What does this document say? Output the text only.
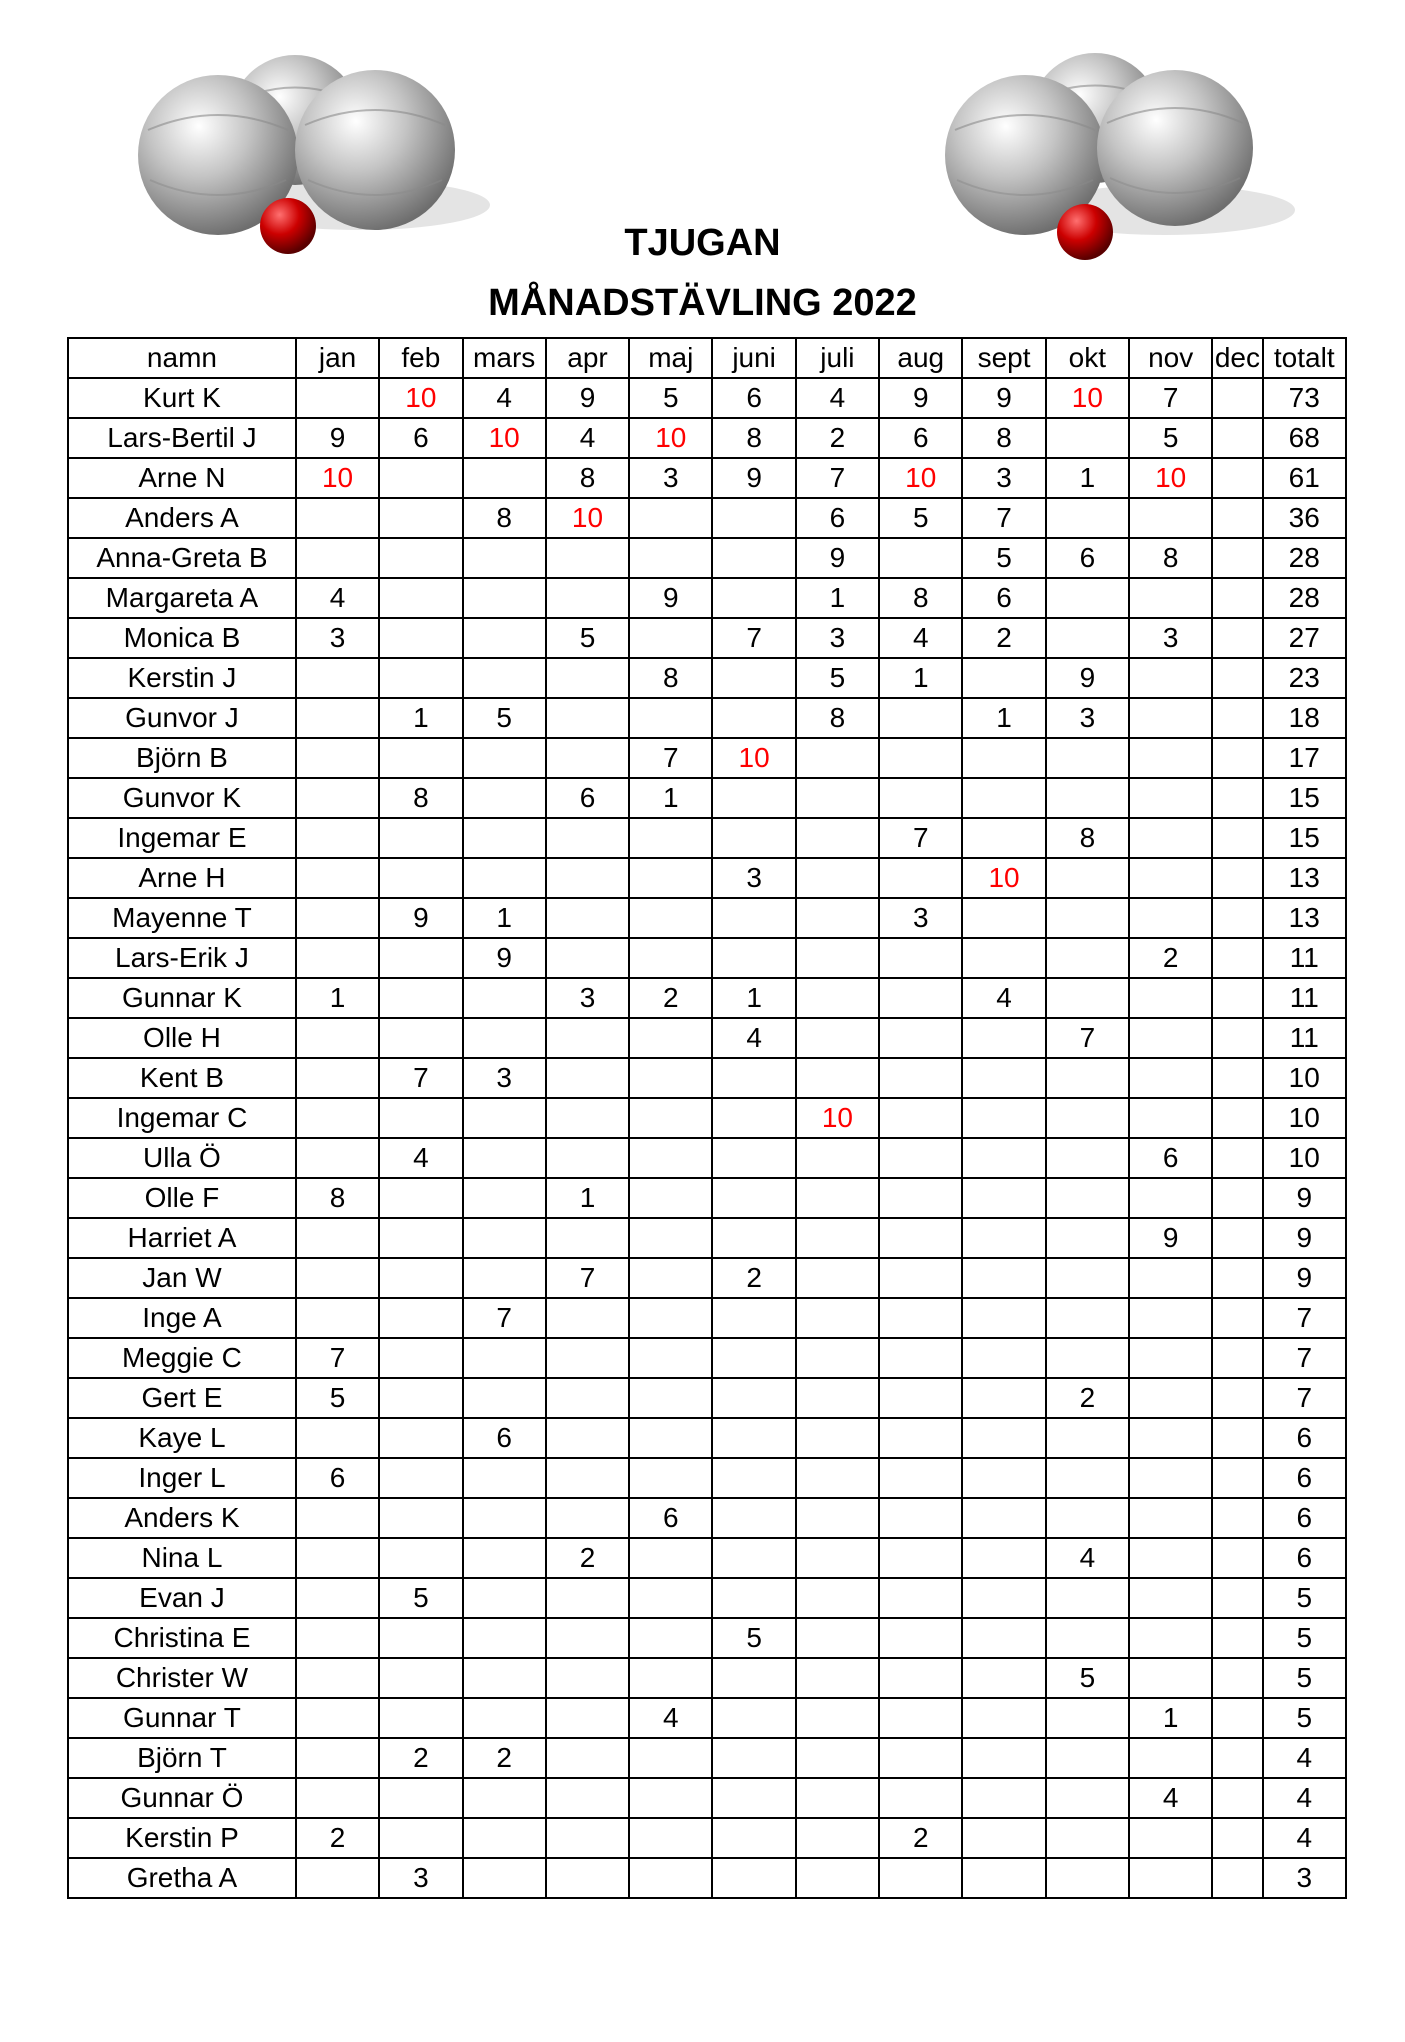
TJUGAN
MÅNADSTÄVLING 2022
namn	jan	feb	mars	apr	maj	juni	juli	aug	sept	okt	nov	dec	totalt
Kurt K		10	4	9	5	6	4	9	9	10	7		73
Lars-Bertil J	9	6	10	4	10	8	2	6	8		5		68
Arne N	10			8	3	9	7	10	3	1	10		61
Anders A			8	10			6	5	7				36
Anna-Greta B							9		5	6	8		28
Margareta A	4				9		1	8	6				28
Monica B	3			5		7	3	4	2		3		27
Kerstin J					8		5	1		9			23
Gunvor J		1	5				8		1	3			18
Björn B					7	10							17
Gunvor K		8		6	1								15
Ingemar E								7		8			15
Arne H						3			10				13
Mayenne T		9	1					3					13
Lars-Erik J			9								2		11
Gunnar K	1			3	2	1			4				11
Olle H						4				7			11
Kent B		7	3										10
Ingemar C							10						10
Ulla Ö		4									6		10
Olle F	8			1									9
Harriet A											9		9
Jan W				7		2							9
Inge A			7										7
Meggie C	7												7
Gert E	5									2			7
Kaye L			6										6
Inger L	6												6
Anders K					6								6
Nina L				2						4			6
Evan J		5											5
Christina E						5							5
Christer W										5			5
Gunnar T					4						1		5
Björn T		2	2										4
Gunnar Ö											4		4
Kerstin P	2							2					4
Gretha A		3											3
